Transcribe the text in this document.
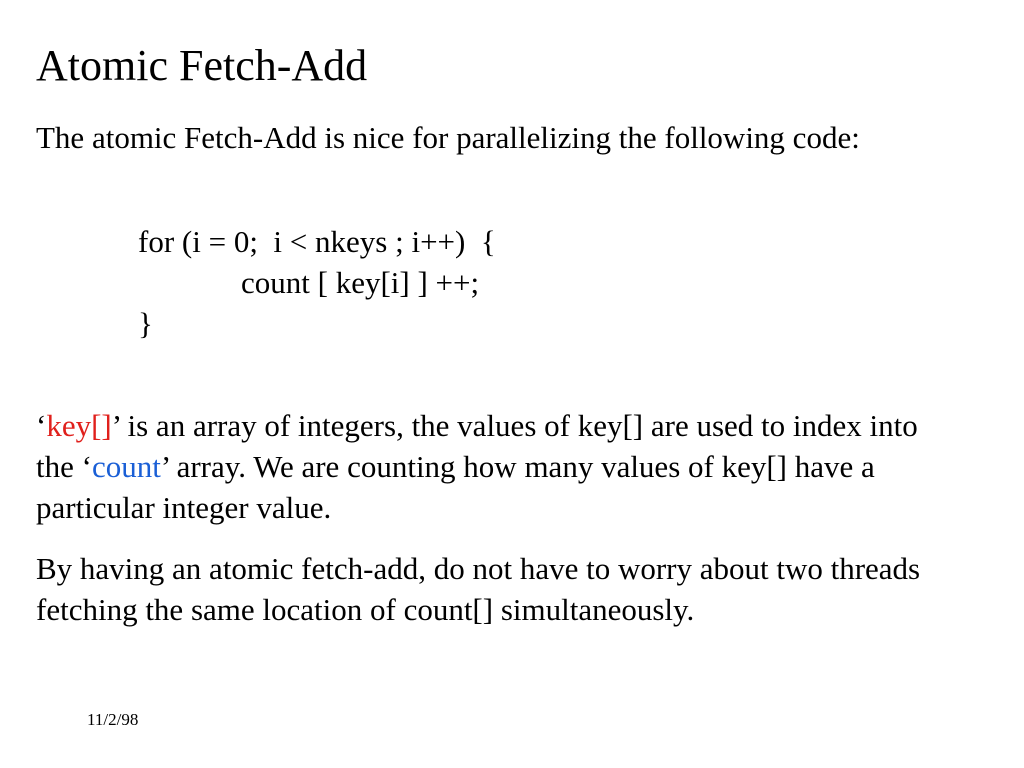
Atomic Fetch-Add

The atomic Fetch-Add is nice for parallelizing the following code:

for (i = 0;  i < nkeys ; i++)  {
count [ key[i] ] ++;
}

‘key[]’ is an array of integers, the values of key[] are used to index into the ‘count’ array. We are counting how many values of key[] have a particular integer value.

By having an atomic fetch-add, do not have to worry about two threads fetching the same location of count[] simultaneously.

11/2/98
